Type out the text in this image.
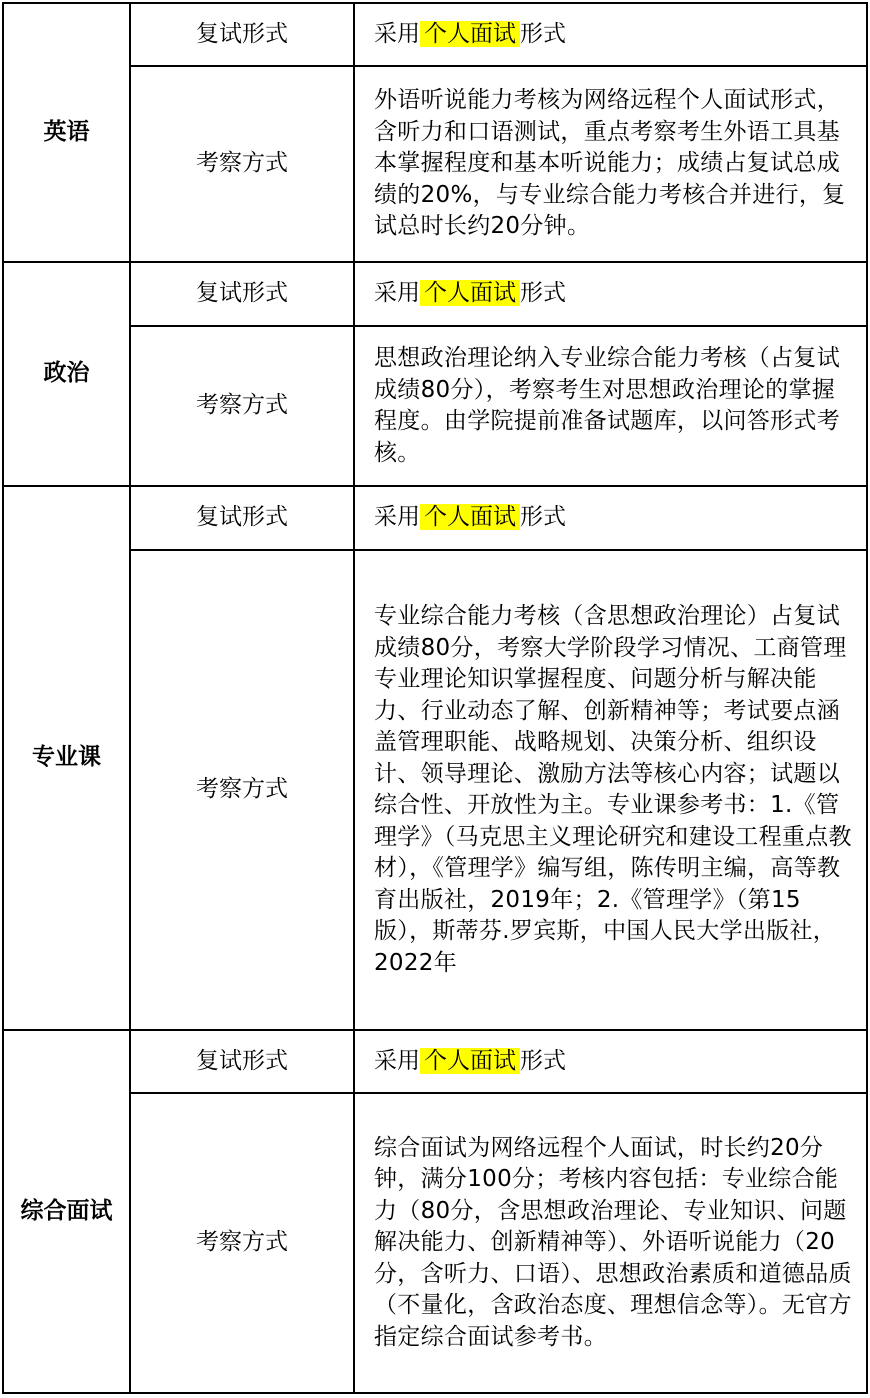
英语	复试形式	采用 个人面试 形式
	考察方式	外语听说能力考核为网络远程个人面试形式，含听力和口语测试，重点考察考生外语工具基本掌握程度和基本听说能力；成绩占复试总成绩的20%，与专业综合能力考核合并进行，复试总时长约20分钟。

政治	复试形式	采用 个人面试 形式
	考察方式	思想政治理论纳入专业综合能力考核（占复试成绩80分），考察考生对思想政治理论的掌握程度。由学院提前准备试题库，以问答形式考核。

专业课	复试形式	采用 个人面试 形式
	考察方式	专业综合能力考核（含思想政治理论）占复试成绩80分，考察大学阶段学习情况、工商管理专业理论知识掌握程度、问题分析与解决能力、行业动态了解、创新精神等；考试要点涵盖管理职能、战略规划、决策分析、组织设计、领导理论、激励方法等核心内容；试题以综合性、开放性为主。专业课参考书：1.《管理学》（马克思主义理论研究和建设工程重点教材），《管理学》编写组，陈传明主编，高等教育出版社，2019年；2.《管理学》（第15版），斯蒂芬.罗宾斯，中国人民大学出版社，2022年

综合面试	复试形式	采用 个人面试 形式
	考察方式	综合面试为网络远程个人面试，时长约20分钟，满分100分；考核内容包括：专业综合能力（80分，含思想政治理论、专业知识、问题解决能力、创新精神等）、外语听说能力（20分，含听力、口语）、思想政治素质和道德品质（不量化，含政治态度、理想信念等）。无官方指定综合面试参考书。
